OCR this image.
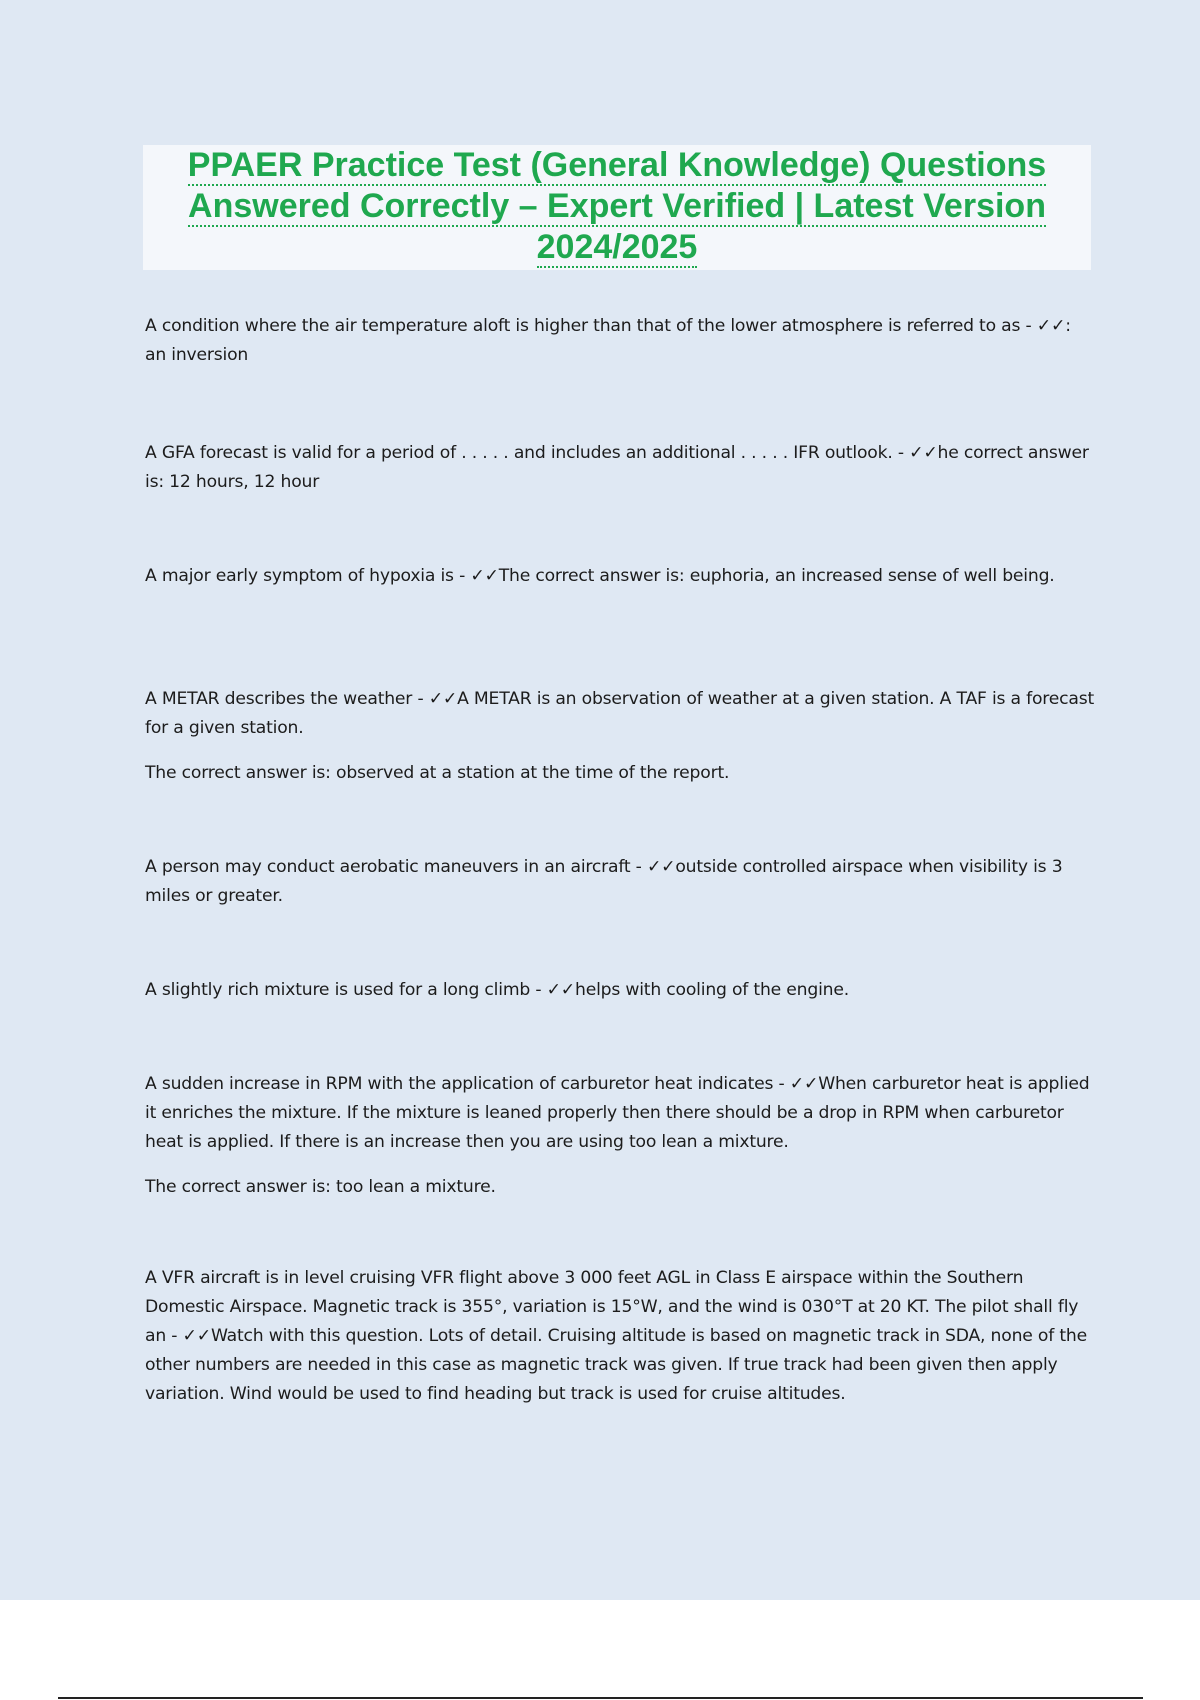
PPAER Practice Test (General Knowledge) Questions Answered Correctly – Expert Verified | Latest Version 2024/2025

A condition where the air temperature aloft is higher than that of the lower atmosphere is referred to as - ✓✓: an inversion

A GFA forecast is valid for a period of . . . . . and includes an additional . . . . . IFR outlook. - ✓✓he correct answer is: 12 hours, 12 hour

A major early symptom of hypoxia is - ✓✓The correct answer is: euphoria, an increased sense of well being.

A METAR describes the weather - ✓✓A METAR is an observation of weather at a given station. A TAF is a forecast for a given station.

The correct answer is: observed at a station at the time of the report.

A person may conduct aerobatic maneuvers in an aircraft - ✓✓outside controlled airspace when visibility is 3 miles or greater.

A slightly rich mixture is used for a long climb - ✓✓helps with cooling of the engine.

A sudden increase in RPM with the application of carburetor heat indicates - ✓✓When carburetor heat is applied it enriches the mixture. If the mixture is leaned properly then there should be a drop in RPM when carburetor heat is applied. If there is an increase then you are using too lean a mixture.

The correct answer is: too lean a mixture.

A VFR aircraft is in level cruising VFR flight above 3 000 feet AGL in Class E airspace within the Southern Domestic Airspace. Magnetic track is 355°, variation is 15°W, and the wind is 030°T at 20 KT. The pilot shall fly an - ✓✓Watch with this question. Lots of detail. Cruising altitude is based on magnetic track in SDA, none of the other numbers are needed in this case as magnetic track was given. If true track had been given then apply variation. Wind would be used to find heading but track is used for cruise altitudes.
